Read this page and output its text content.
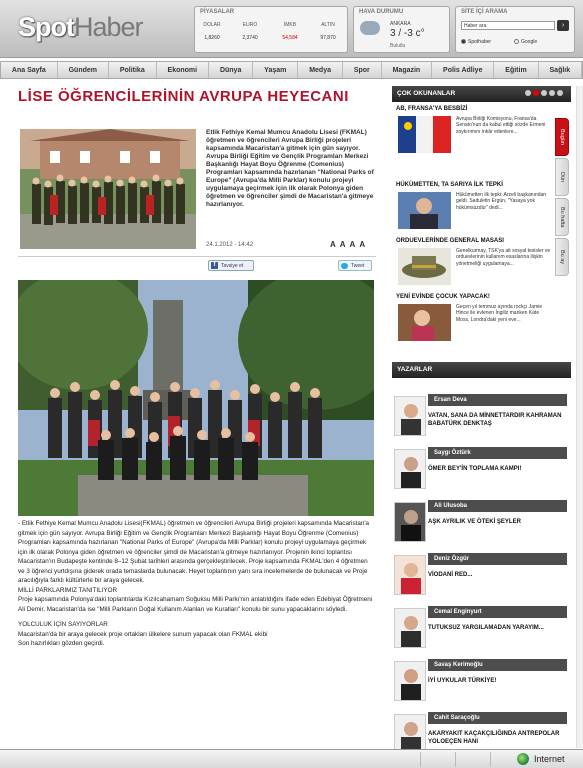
SpotHaber	PİYASALAR
DOLAR
1,8260
EURO
2,3740
İMKB
54,584
ALTIN
97,870
HAVA DURUMU
ANKARA
3 / -3 c°
Bulutlu
SİTE İÇİ ARAMA
Haber ara	›
Spothaber	Google
Ana Sayfa	Gündem	Politika	Ekonomi	Dünya	Yaşam	Medya	Spor	Magazin	Polis Adliye	Eğitim	Sağlık
LİSE ÖĞRENCİLERİNİN AVRUPA HEYECANI
Etlik Fethiye Kemal Mumcu Anadolu Lisesi (FKMAL) öğretmen ve öğrencileri Avrupa Birliği projeleri kapsamında Macaristan'a gitmek için gün sayıyor. Avrupa Birliği Eğitim ve Gençlik Programları Merkezi Başkanlığı Hayat Boyu Öğrenme (Comenius) Programları kapsamında hazırlanan "National Parks of Europe" (Avrupa'da Milli Parklar) konulu projeyi uygulamaya geçirmek için ilk olarak Polonya giden öğretmen ve öğrenciler şimdi de Macaristan'a gitmeye hazırlanıyor.
24.1.2012 - 14:42	AAAA
f Tavsiye et	Tweet

- Etlik Fethiye Kemal Mumcu Anadolu Lisesi(FKMAL) öğretmen ve öğrencileri Avrupa Birliği projeleri kapsamında Macaristan'a gitmek için gün sayıyor. Avrupa Birliği Eğitim ve Gençlik Programları Merkezi Başkanlığı Hayat Boyu Öğrenme (Comenius) Programları kapsamında hazırlanan "National Parks of Europe" (Avrupa'da Milli Parklar) konulu projeyi uygulamaya geçirmek için ilk olarak Polonya giden öğretmen ve öğrenciler şimdi de Macaristan'a gitmeye hazırlanıyor. Projenin ikinci toplantısı Macaristan'ın Budapeşte kentinde 8–12 Şubat tarihleri arasında gerçekleştirilecek. Proje kapsamında FKMAL'den 4 öğretmen ve 3 öğrenci yurtdışına giderek orada temaslarda bulunacak. Heyet toplantının yanı sıra incelemelerde de bulunacak ve Proje aracılığıyla farklı kültürlerle bir araya gelecek.

MİLLİ PARKLARIMIZ TANITILIYOR

Proje kapsamında Polonya'daki toplantılarda Kızılcahamam Soğuksu Milli Parkı'nın anlatıldığını ifade eden Edebiyat Öğretmeni Ali Demir, Macaristan'da ise "Milli Parkların Doğal Kullanım Alanları ve Kuralları" konulu bir sunu yapacaklarını söyledi.

YOLCULUK İÇİN SAYIYORLAR

Macaristan'da bir araya gelecek proje ortakları ülkelere sunum yapacak olan FKMAL ekibi

Son hazırlıkları gözden geçirdi.

ÇOK OKUNANLAR
AB, FRANSA'YA BESBİZİ
Avrupa Birliği Komisyonu, Fransa'da Senato'nun da kabul ettiği sözde Ermeni soykırımını inkâr edenlere...
HÜKÜMETTEN, TA SARIYA İLK TEPKİ
Hükümetten ilk tepki: Arzeli başkanından geldi. Saduletin Ergün, "Yasaya yok hükümsüzdür" dedi...
ORDUEVLERİNDE GENERAL MASASI
Genelkurmay, TSK'ya ait sosyal tesisler ve orduevlerinin kullanım esaslarına ilişkin yönetmeliği uygulamaya...
YENİ EVİNDE ÇOCUK YAPACAK!
Geçen yıl temmuz ayında rockçı Jamie Hince ile evlenen İngiliz manken Kate Moss, Londra'daki yeni eve...
Bugün
Dün
Bu hafta
Bu ay
YAZARLAR
Ersan Deva
VATAN, SANA DA MİNNETTARDIR KAHRAMAN BABATÜRK DENKTAŞ
Saygı Öztürk
ÖMER BEY'İN TOPLAMA KAMPI!
Ali Ulusoba
AŞK AYRILIK VE ÖTEKİ ŞEYLER
Deniz Özgür
VİODANİ RED...
Cemal Enginyurt
TUTUKSUZ YARGILAMADAN YARAYIM...
Savaş Kerimoğlu
İYİ UYKULAR TÜRKİYE!
Cahit Saraçoğlu
AKARYAKIT KAÇAKÇILIĞINDA ANTREPOLAR YOLOEÇEN HANI
Internet
